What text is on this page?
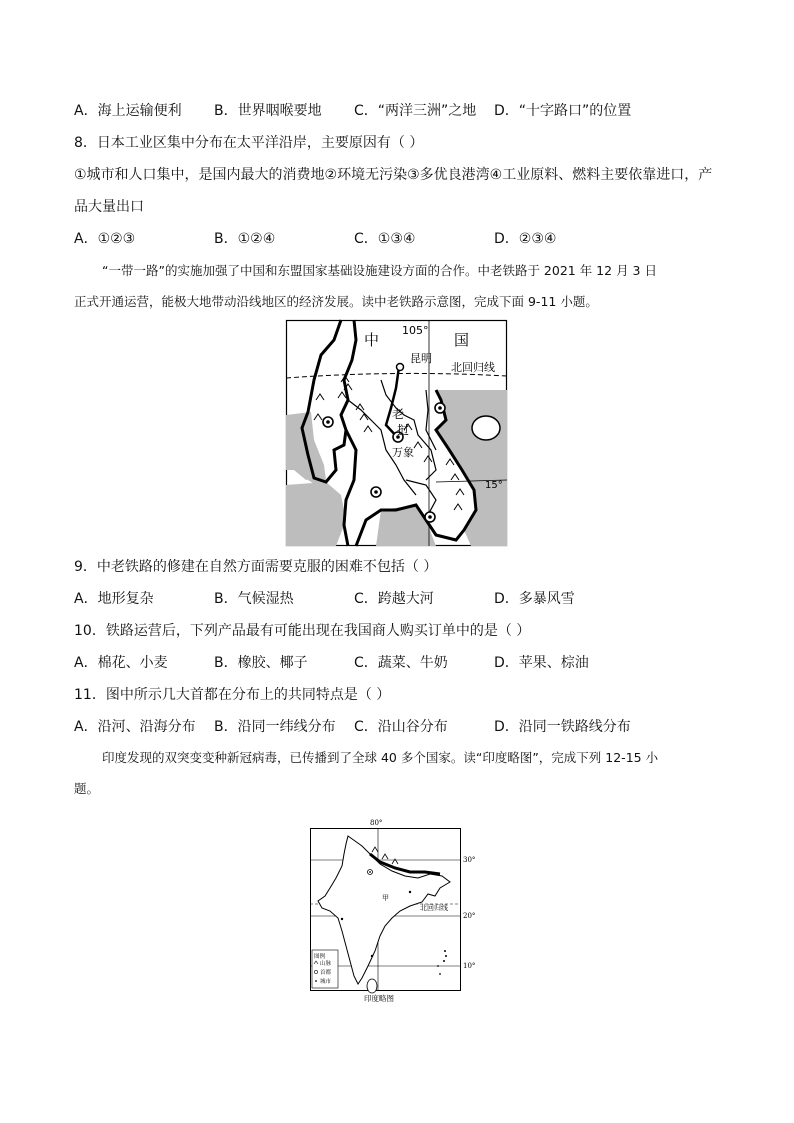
A．海上运输便利 B．世界咽喉要地 C．“两洋三洲”之地 D．“十字路口”的位置
8．日本工业区集中分布在太平洋沿岸，主要原因有（ ）
①城市和人口集中，是国内最大的消费地②环境无污染③多优良港湾④工业原料、燃料主要依靠进口，产
品大量出口
A．①②③	B．①②④	C．①③④	D．②③④
“一带一路”的实施加强了中国和东盟国家基础设施建设方面的合作。中老铁路于 2021 年 12 月 3 日
正式开通运营，能极大地带动沿线地区的经济发展。读中老铁路示意图，完成下面 9-11 小题。
中	国
105°
昆明
北回归线
老
挝
万象
15°
9．中老铁路的修建在自然方面需要克服的困难不包括（ ）
A．地形复杂	B．气候湿热	C．跨越大河	D．多暴风雪
10．铁路运营后，下列产品最有可能出现在我国商人购买订单中的是（ ）
A．棉花、小麦	B．橡胶、椰子	C．蔬菜、牛奶	D．苹果、棕油
11．图中所示几大首都在分布上的共同特点是（ ）
A．沿河、沿海分布 B．沿同一纬线分布 C．沿山谷分布	D．沿同一铁路线分布
印度发现的双突变变种新冠病毒，已传播到了全球 40 多个国家。读“印度略图”，完成下列 12-15 小
题。
80°
30°
20°
10°
甲
北回归线
图例
山脉
首都
城市
印度略图
